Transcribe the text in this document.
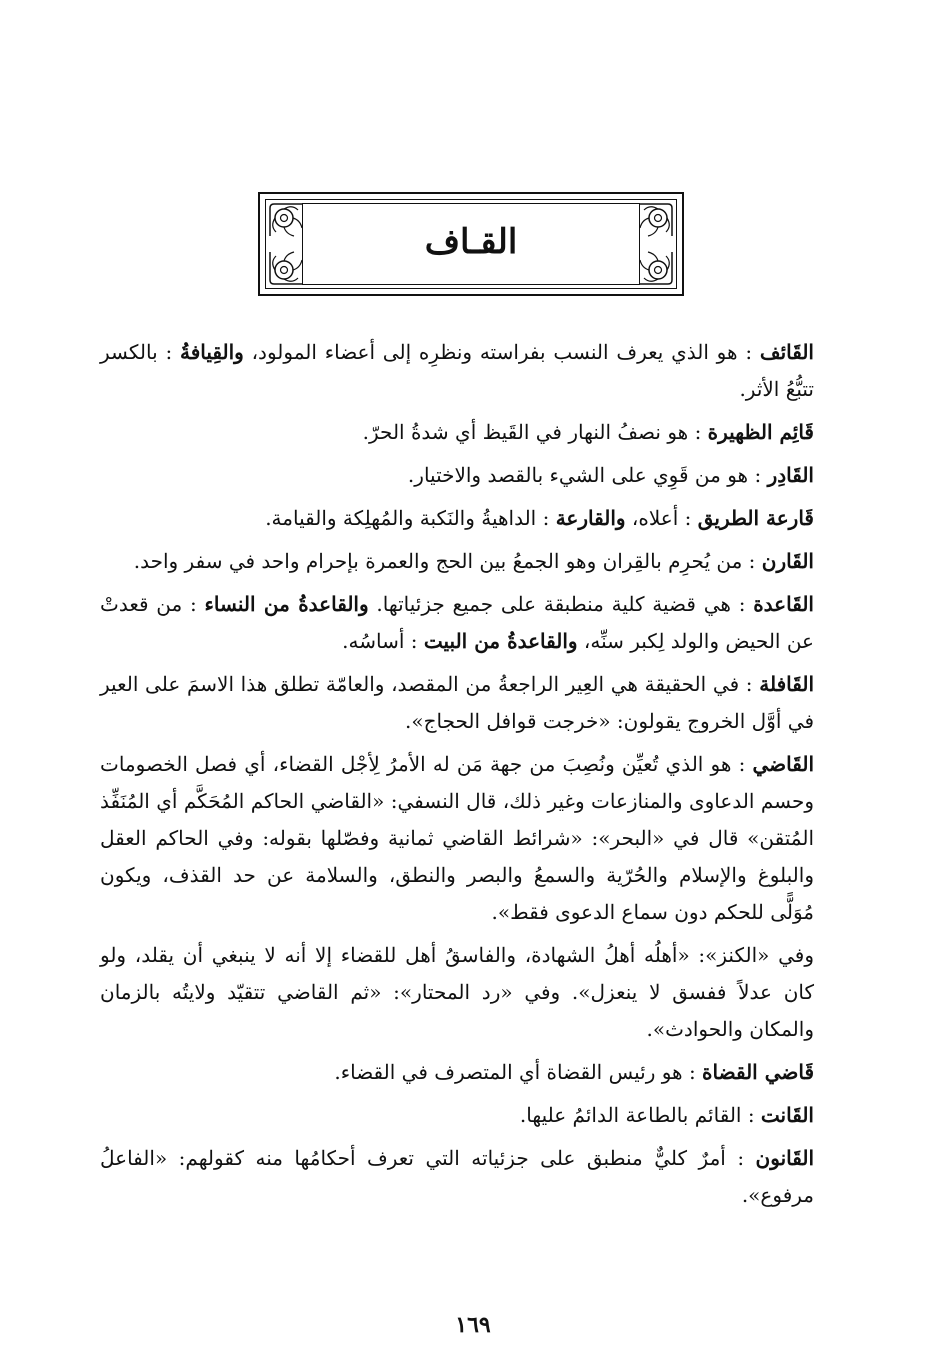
القـاف

القَائف : هو الذي يعرف النسب بفراسته ونظرِه إلى أعضاء المولود، والقِيافةُ : بالكسر تتبُّعُ الأثر.

قَائِم الظهيرة : هو نصفُ النهار في القَيظ أي شدةُ الحرّ.

القَادِر : هو من قَوِي على الشيء بالقصد والاختيار.

قَارعة الطريق : أعلاه، والقارعة : الداهيةُ والنَكبة والمُهلِكة والقيامة.

القَارن : من يُحرِم بالقِران وهو الجمعُ بين الحج والعمرة بإحرام واحد في سفر واحد.

القَاعدة : هي قضية كلية منطبقة على جميع جزئياتها. والقاعدةُ من النساء : من قعدتْ عن الحيض والولد لِكبر سنِّه، والقاعدةُ من البيت : أساسُه.

القَافلة : في الحقيقة هي العِير الراجعةُ من المقصد، والعامّة تطلق هذا الاسمَ على العير في أوَّل الخروج يقولون: «خرجت قوافل الحجاج».

القَاضي : هو الذي تُعيِّن ونُصِبَ من جهة مَن له الأمرُ لِأجْل القضاء، أي فصل الخصومات وحسم الدعاوى والمنازعات وغير ذلك، قال النسفي: «القاضي الحاكم المُحَكَّم أي المُنَفِّذ المُتقن» قال في «البحر»: «شرائط القاضي ثمانية وفصّلها بقوله: وفي الحاكم العقل والبلوغ والإسلام والحُرّية والسمعُ والبصر والنطق، والسلامة عن حد القذف، ويكون مُوَلًّى للحكم دون سماع الدعوى فقط».

وفي «الكنز»: «أهلُه أهلُ الشهادة، والفاسقُ أهل للقضاء إلا أنه لا ينبغي أن يقلد، ولو كان عدلاً ففسق لا ينعزل». وفي «رد المحتار»: «ثم القاضي تتقيّد ولايتُه بالزمان والمكان والحوادث».

قَاضي القضاة : هو رئيس القضاة أي المتصرف في القضاء.

القَانت : القائم بالطاعة الدائمُ عليها.

القَانون : أمرٌ كليٌّ منطبق على جزئياته التي تعرف أحكامُها منه كقولهم: «الفاعلُ مرفوع».

١٦٩
